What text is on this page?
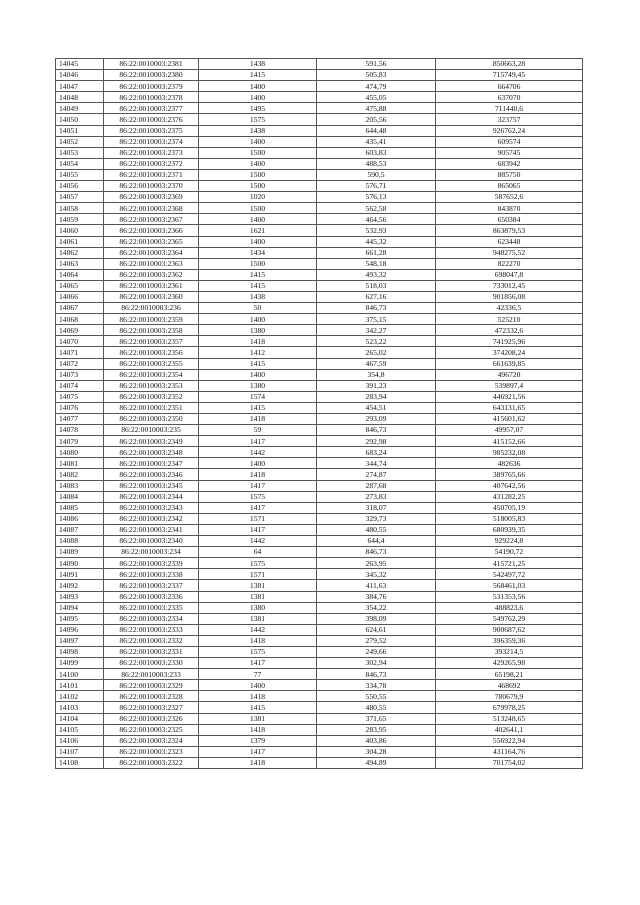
14045	86:22:0010003:2381	1438	591,56	850663,28
14046	86:22:0010003:2380	1415	505,83	715749,45
14047	86:22:0010003:2379	1400	474,79	664706
14048	86:22:0010003:2378	1400	455,05	637070
14049	86:22:0010003:2377	1495	475,88	711440,6
14050	86:22:0010003:2376	1575	205,56	323757
14051	86:22:0010003:2375	1438	644,48	926762,24
14052	86:22:0010003:2374	1400	435,41	609574
14053	86:22:0010003:2373	1500	603,83	905745
14054	86:22:0010003:2372	1400	488,53	683942
14055	86:22:0010003:2371	1500	590,5	885750
14056	86:22:0010003:2370	1500	576,71	865065
14057	86:22:0010003:2369	1020	576,13	587652,6
14058	86:22:0010003:2368	1500	562,58	843870
14059	86:22:0010003:2367	1400	464,56	650384
14060	86:22:0010003:2366	1621	532,93	863879,53
14061	86:22:0010003:2365	1400	445,32	623448
14062	86:22:0010003:2364	1434	661,28	948275,52
14063	86:22:0010003:2363	1500	548,18	822270
14064	86:22:0010003:2362	1415	493,32	698047,8
14065	86:22:0010003:2361	1415	518,03	733012,45
14066	86:22:0010003:2360	1438	627,16	901856,08
14067	86:22:0010003:236	50	846,73	42336,5
14068	86:22:0010003:2359	1400	375,15	525210
14069	86:22:0010003:2358	1380	342,27	472332,6
14070	86:22:0010003:2357	1418	523,22	741925,96
14071	86:22:0010003:2356	1412	265,02	374208,24
14072	86:22:0010003:2355	1415	467,59	661639,85
14073	86:22:0010003:2354	1400	354,8	496720
14074	86:22:0010003:2353	1380	391,23	539897,4
14075	86:22:0010003:2352	1574	283,94	446921,56
14076	86:22:0010003:2351	1415	454,51	643131,65
14077	86:22:0010003:2350	1418	293,09	415601,62
14078	86:22:0010003:235	59	846,73	49957,07
14079	86:22:0010003:2349	1417	292,98	415152,66
14080	86:22:0010003:2348	1442	683,24	985232,08
14081	86:22:0010003:2347	1400	344,74	482636
14082	86:22:0010003:2346	1418	274,87	389765,66
14083	86:22:0010003:2345	1417	287,68	407642,56
14084	86:22:0010003:2344	1575	273,83	431282,25
14085	86:22:0010003:2343	1417	318,07	450705,19
14086	86:22:0010003:2342	1571	329,73	518005,83
14087	86:22:0010003:2341	1417	480,55	680939,35
14088	86:22:0010003:2340	1442	644,4	929224,8
14089	86:22:0010003:234	64	846,73	54190,72
14090	86:22:0010003:2339	1575	263,95	415721,25
14091	86:22:0010003:2338	1571	345,32	542497,72
14092	86:22:0010003:2337	1381	411,63	568461,03
14093	86:22:0010003:2336	1381	384,76	531353,56
14094	86:22:0010003:2335	1380	354,22	488823,6
14095	86:22:0010003:2334	1381	398,09	549762,29
14096	86:22:0010003:2333	1442	624,61	900687,62
14097	86:22:0010003:2332	1418	279,52	396359,36
14098	86:22:0010003:2331	1575	249,66	393214,5
14099	86:22:0010003:2330	1417	302,94	429265,98
14100	86:22:0010003:233	77	846,73	65198,21
14101	86:22:0010003:2329	1400	334,78	468692
14102	86:22:0010003:2328	1418	550,55	780679,9
14103	86:22:0010003:2327	1415	480,55	679978,25
14104	86:22:0010003:2326	1381	371,65	513248,65
14105	86:22:0010003:2325	1418	283,95	402641,1
14106	86:22:0010003:2324	1379	403,86	556922,94
14107	86:22:0010003:2323	1417	304,28	431164,76
14108	86:22:0010003:2322	1418	494,89	701754,02
